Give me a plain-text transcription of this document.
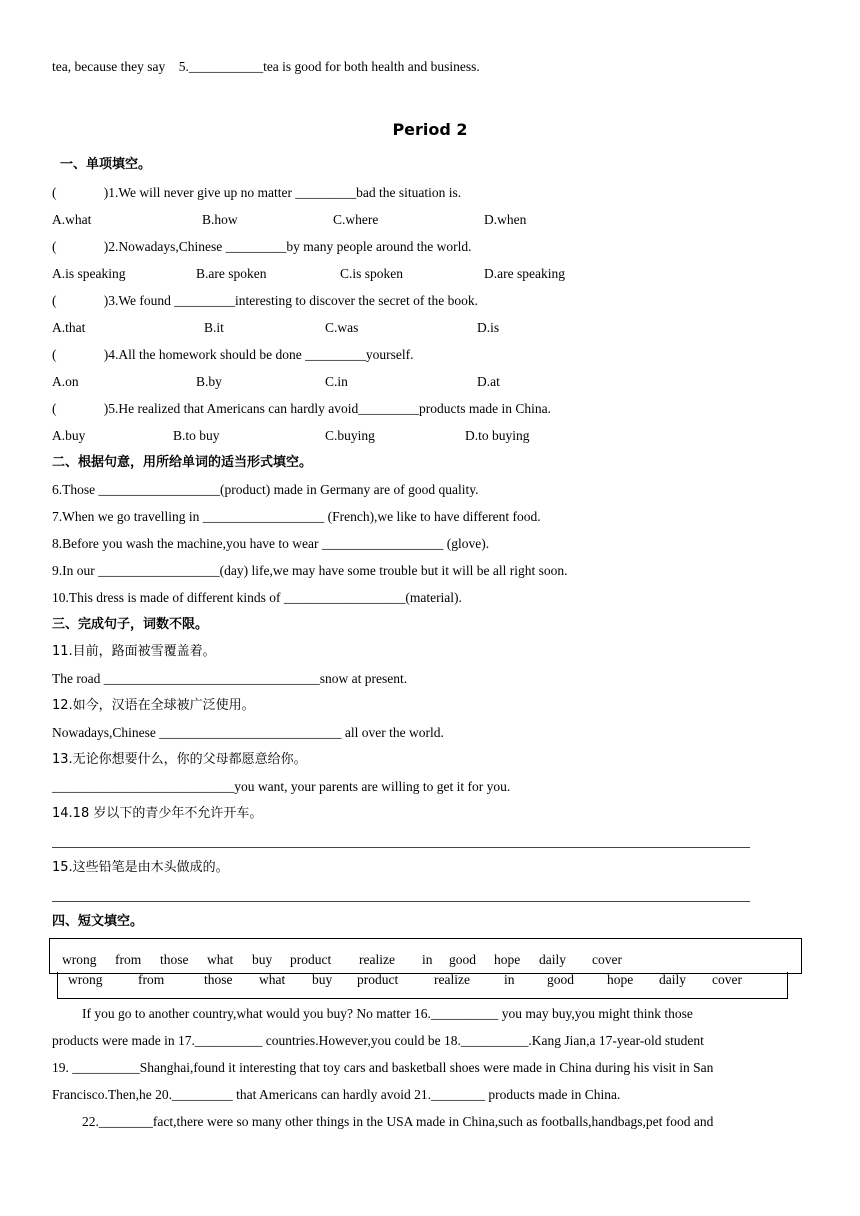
tea, because they say    5.___________tea is good for both health and business.
Period 2
一、单项填空。
(              )1.We will never give up no matter _________bad the situation is.
A.what	B.how	C.where	D.when
(              )2.Nowadays,Chinese _________by many people around the world.
A.is speaking	B.are spoken	C.is spoken	D.are speaking
(              )3.We found _________interesting to discover the secret of the book.
A.that	B.it	C.was	D.is
(              )4.All the homework should be done _________yourself.
A.on	B.by	C.in	D.at
(              )5.He realized that Americans can hardly avoid_________products made in China.
A.buy	B.to buy	C.buying	D.to buying
二、根据句意，用所给单词的适当形式填空。
6.Those __________________(product) made in Germany are of good quality.
7.When we go travelling in __________________ (French),we like to have different food.
8.Before you wash the machine,you have to wear __________________ (glove).
9.In our __________________(day) life,we may have some trouble but it will be all right soon.
10.This dress is made of different kinds of __________________(material).
三、完成句子，词数不限。
11.目前，路面被雪覆盖着。
The road ________________________________snow at present.
12.如今，汉语在全球被广泛使用。
Nowadays,Chinese ___________________________ all over the world.
13.无论你想要什么，你的父母都愿意给你。
___________________________you want, your parents are willing to get it for you.
14.18 岁以下的青少年不允许开车。
15.这些铅笔是由木头做成的。
四、短文填空。
wrong from those what buy product realize in good hope daily cover
wrong	from	those what buy product	realize	in good hope daily cover
If you go to another country,what would you buy? No matter 16.__________ you may buy,you might think those
products were made in 17.__________ countries.However,you could be 18.__________.Kang Jian,a 17-year-old student
19. __________Shanghai,found it interesting that toy cars and basketball shoes were made in China during his visit in San
Francisco.Then,he 20._________ that Americans can hardly avoid 21.________ products made in China.
22.________fact,there were so many other things in the USA made in China,such as footballs,handbags,pet food and
